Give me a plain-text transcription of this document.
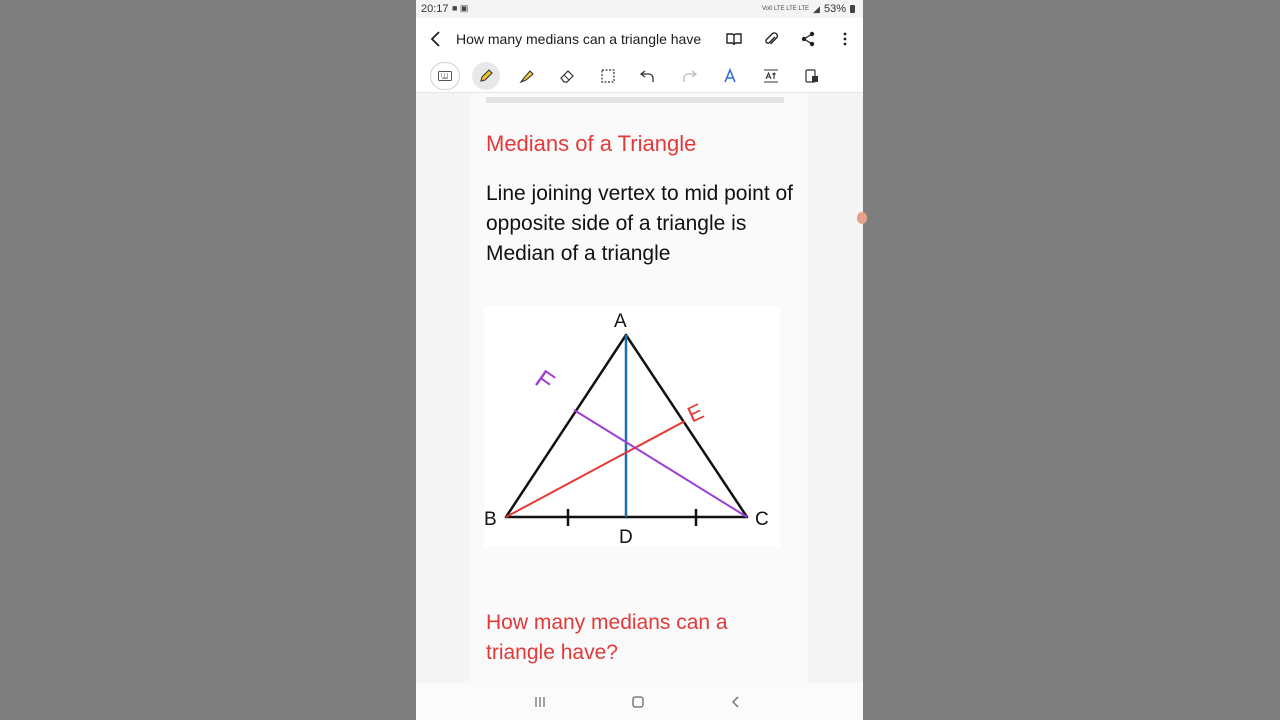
20:17 ■ ▣	Vo0 LTE LTE LTE ◢ 53%
How many medians can a triangle have
Medians of a Triangle
Line joining vertex to mid point of opposite side of a triangle is Median of a triangle
A
B	C
D
E
F
How many medians can a triangle have?
